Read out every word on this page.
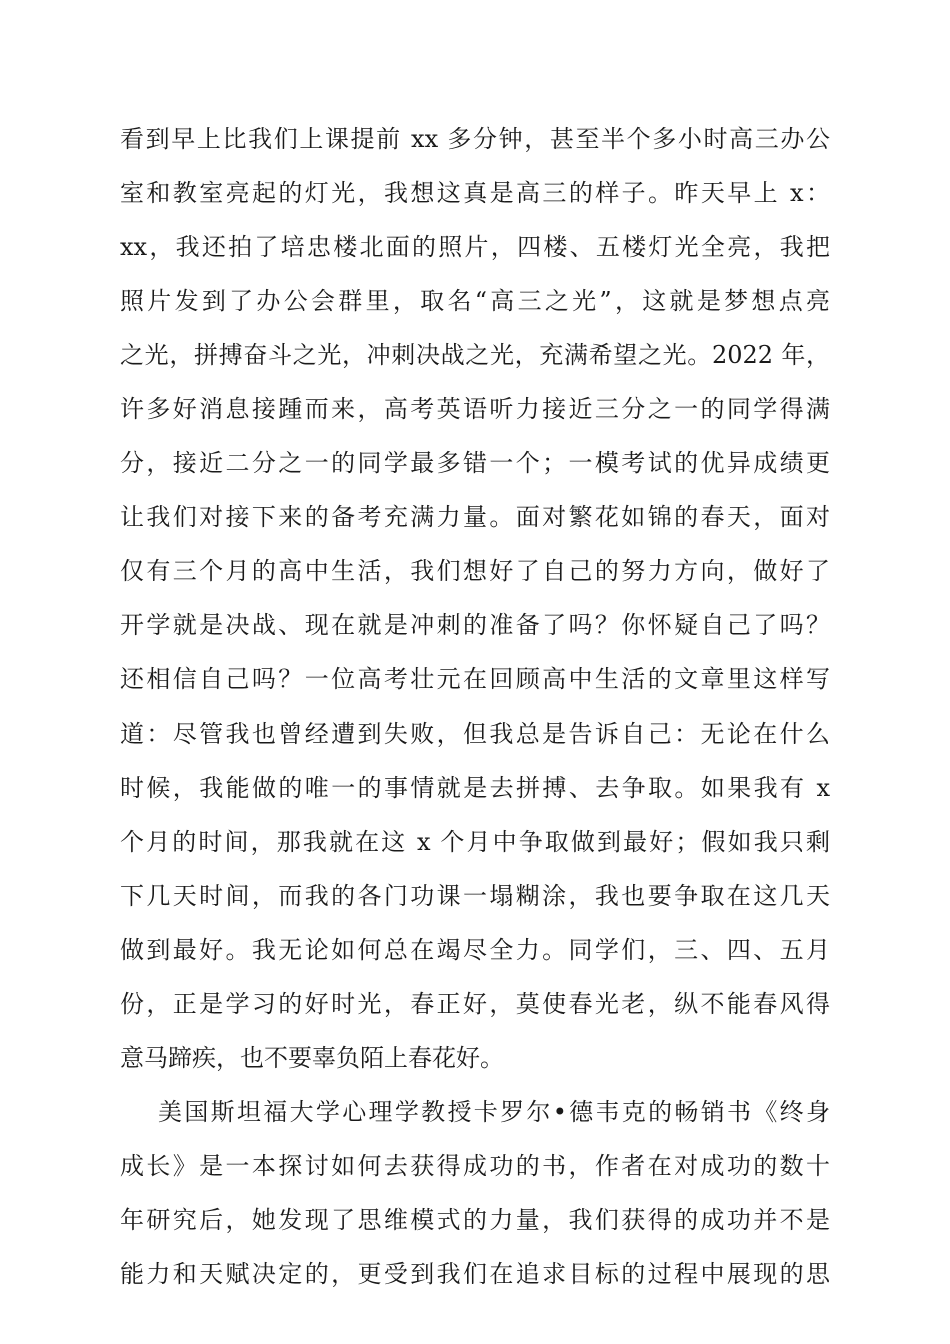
看到早上比我们上课提前 xx 多分钟，甚至半个多小时高三办公

室和教室亮起的灯光，我想这真是高三的样子。昨天早上 x：

xx，我还拍了培忠楼北面的照片，四楼、五楼灯光全亮，我把

照片发到了办公会群里，取名“高三之光”，这就是梦想点亮

之光，拼搏奋斗之光，冲刺决战之光，充满希望之光。2022 年，

许多好消息接踵而来，高考英语听力接近三分之一的同学得满

分，接近二分之一的同学最多错一个；一模考试的优异成绩更

让我们对接下来的备考充满力量。面对繁花如锦的春天，面对

仅有三个月的高中生活，我们想好了自己的努力方向，做好了

开学就是决战、现在就是冲刺的准备了吗？你怀疑自己了吗？

还相信自己吗？一位高考壮元在回顾高中生活的文章里这样写

道：尽管我也曾经遭到失败，但我总是告诉自己：无论在什么

时候，我能做的唯一的事情就是去拼搏、去争取。如果我有 x

个月的时间，那我就在这 x 个月中争取做到最好；假如我只剩

下几天时间，而我的各门功课一塌糊涂，我也要争取在这几天

做到最好。我无论如何总在竭尽全力。同学们，三、四、五月

份，正是学习的好时光，春正好，莫使春光老，纵不能春风得

意马蹄疾，也不要辜负陌上春花好。

美国斯坦福大学心理学教授卡罗尔•德韦克的畅销书《终身

成长》是一本探讨如何去获得成功的书，作者在对成功的数十

年研究后，她发现了思维模式的力量，我们获得的成功并不是

能力和天赋决定的，更受到我们在追求目标的过程中展现的思
